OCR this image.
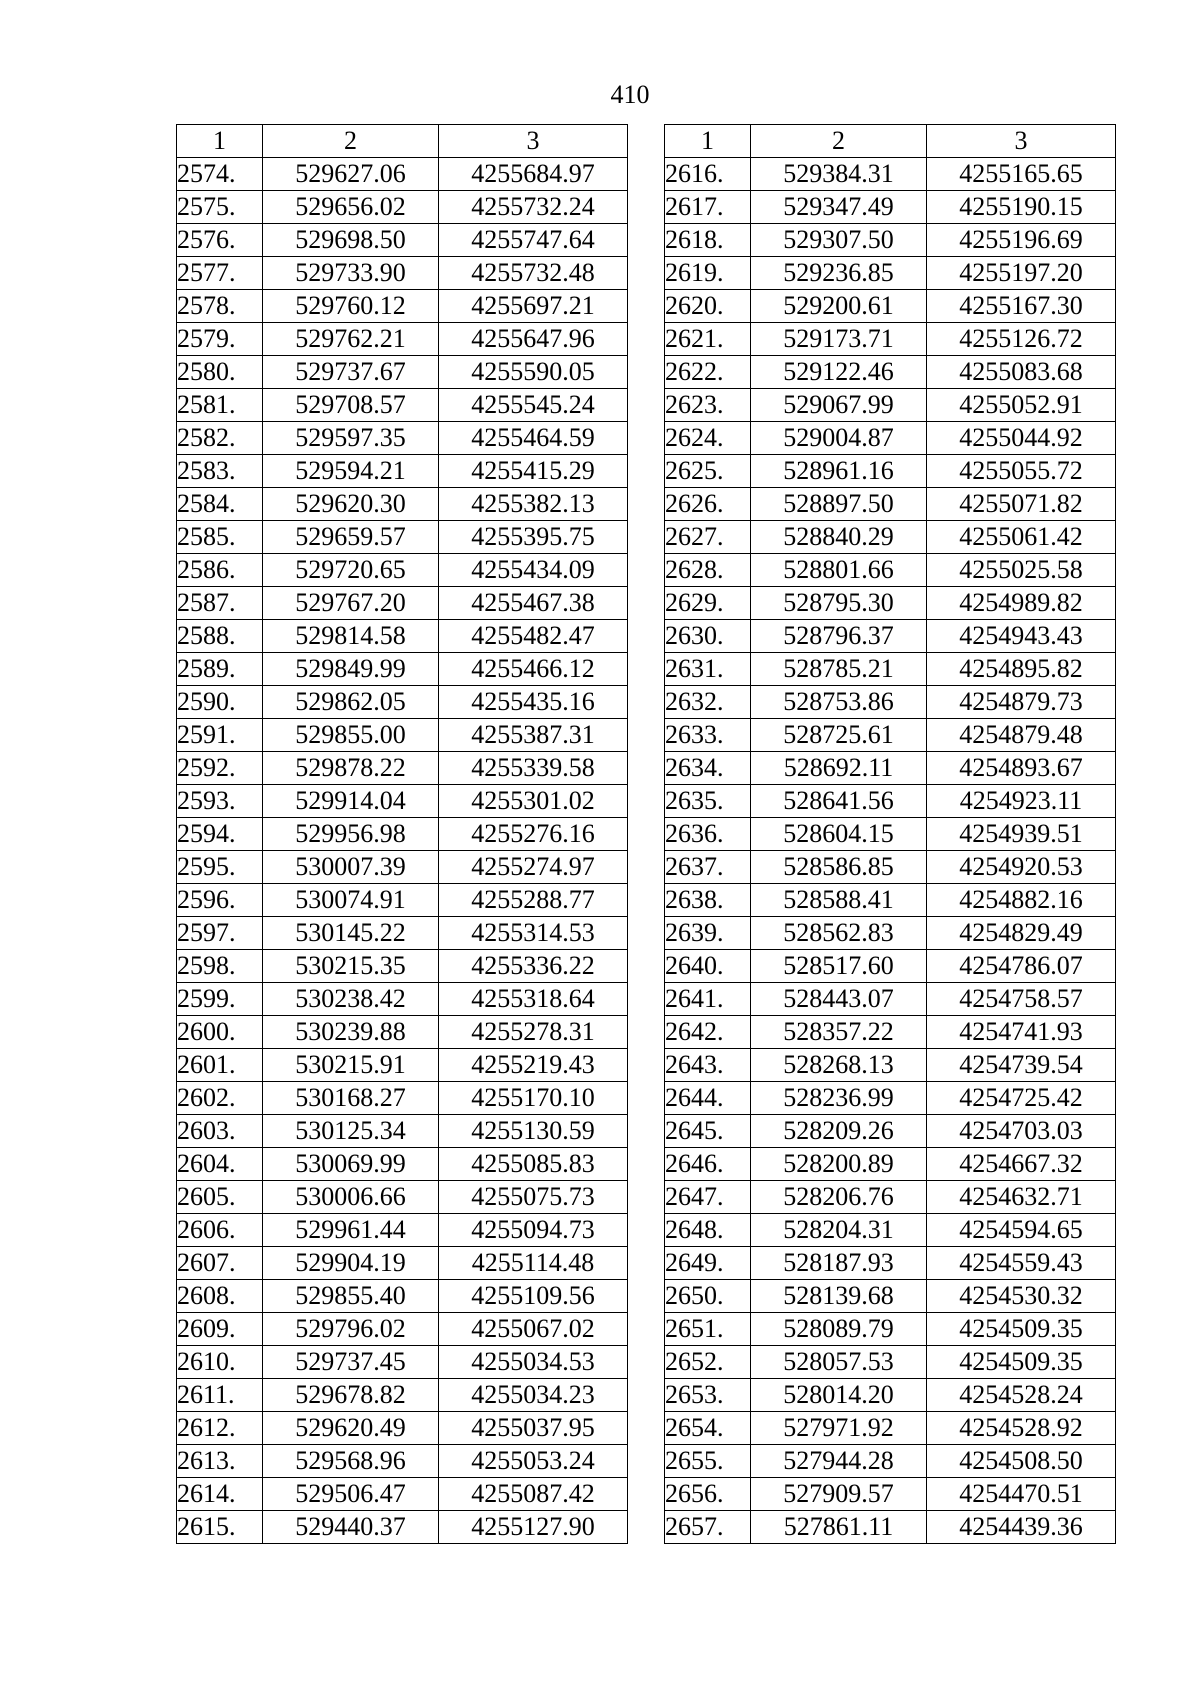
410
1	2	3
2574.	529627.06	4255684.97
2575.	529656.02	4255732.24
2576.	529698.50	4255747.64
2577.	529733.90	4255732.48
2578.	529760.12	4255697.21
2579.	529762.21	4255647.96
2580.	529737.67	4255590.05
2581.	529708.57	4255545.24
2582.	529597.35	4255464.59
2583.	529594.21	4255415.29
2584.	529620.30	4255382.13
2585.	529659.57	4255395.75
2586.	529720.65	4255434.09
2587.	529767.20	4255467.38
2588.	529814.58	4255482.47
2589.	529849.99	4255466.12
2590.	529862.05	4255435.16
2591.	529855.00	4255387.31
2592.	529878.22	4255339.58
2593.	529914.04	4255301.02
2594.	529956.98	4255276.16
2595.	530007.39	4255274.97
2596.	530074.91	4255288.77
2597.	530145.22	4255314.53
2598.	530215.35	4255336.22
2599.	530238.42	4255318.64
2600.	530239.88	4255278.31
2601.	530215.91	4255219.43
2602.	530168.27	4255170.10
2603.	530125.34	4255130.59
2604.	530069.99	4255085.83
2605.	530006.66	4255075.73
2606.	529961.44	4255094.73
2607.	529904.19	4255114.48
2608.	529855.40	4255109.56
2609.	529796.02	4255067.02
2610.	529737.45	4255034.53
2611.	529678.82	4255034.23
2612.	529620.49	4255037.95
2613.	529568.96	4255053.24
2614.	529506.47	4255087.42
2615.	529440.37	4255127.90
1	2	3
2616.	529384.31	4255165.65
2617.	529347.49	4255190.15
2618.	529307.50	4255196.69
2619.	529236.85	4255197.20
2620.	529200.61	4255167.30
2621.	529173.71	4255126.72
2622.	529122.46	4255083.68
2623.	529067.99	4255052.91
2624.	529004.87	4255044.92
2625.	528961.16	4255055.72
2626.	528897.50	4255071.82
2627.	528840.29	4255061.42
2628.	528801.66	4255025.58
2629.	528795.30	4254989.82
2630.	528796.37	4254943.43
2631.	528785.21	4254895.82
2632.	528753.86	4254879.73
2633.	528725.61	4254879.48
2634.	528692.11	4254893.67
2635.	528641.56	4254923.11
2636.	528604.15	4254939.51
2637.	528586.85	4254920.53
2638.	528588.41	4254882.16
2639.	528562.83	4254829.49
2640.	528517.60	4254786.07
2641.	528443.07	4254758.57
2642.	528357.22	4254741.93
2643.	528268.13	4254739.54
2644.	528236.99	4254725.42
2645.	528209.26	4254703.03
2646.	528200.89	4254667.32
2647.	528206.76	4254632.71
2648.	528204.31	4254594.65
2649.	528187.93	4254559.43
2650.	528139.68	4254530.32
2651.	528089.79	4254509.35
2652.	528057.53	4254509.35
2653.	528014.20	4254528.24
2654.	527971.92	4254528.92
2655.	527944.28	4254508.50
2656.	527909.57	4254470.51
2657.	527861.11	4254439.36
